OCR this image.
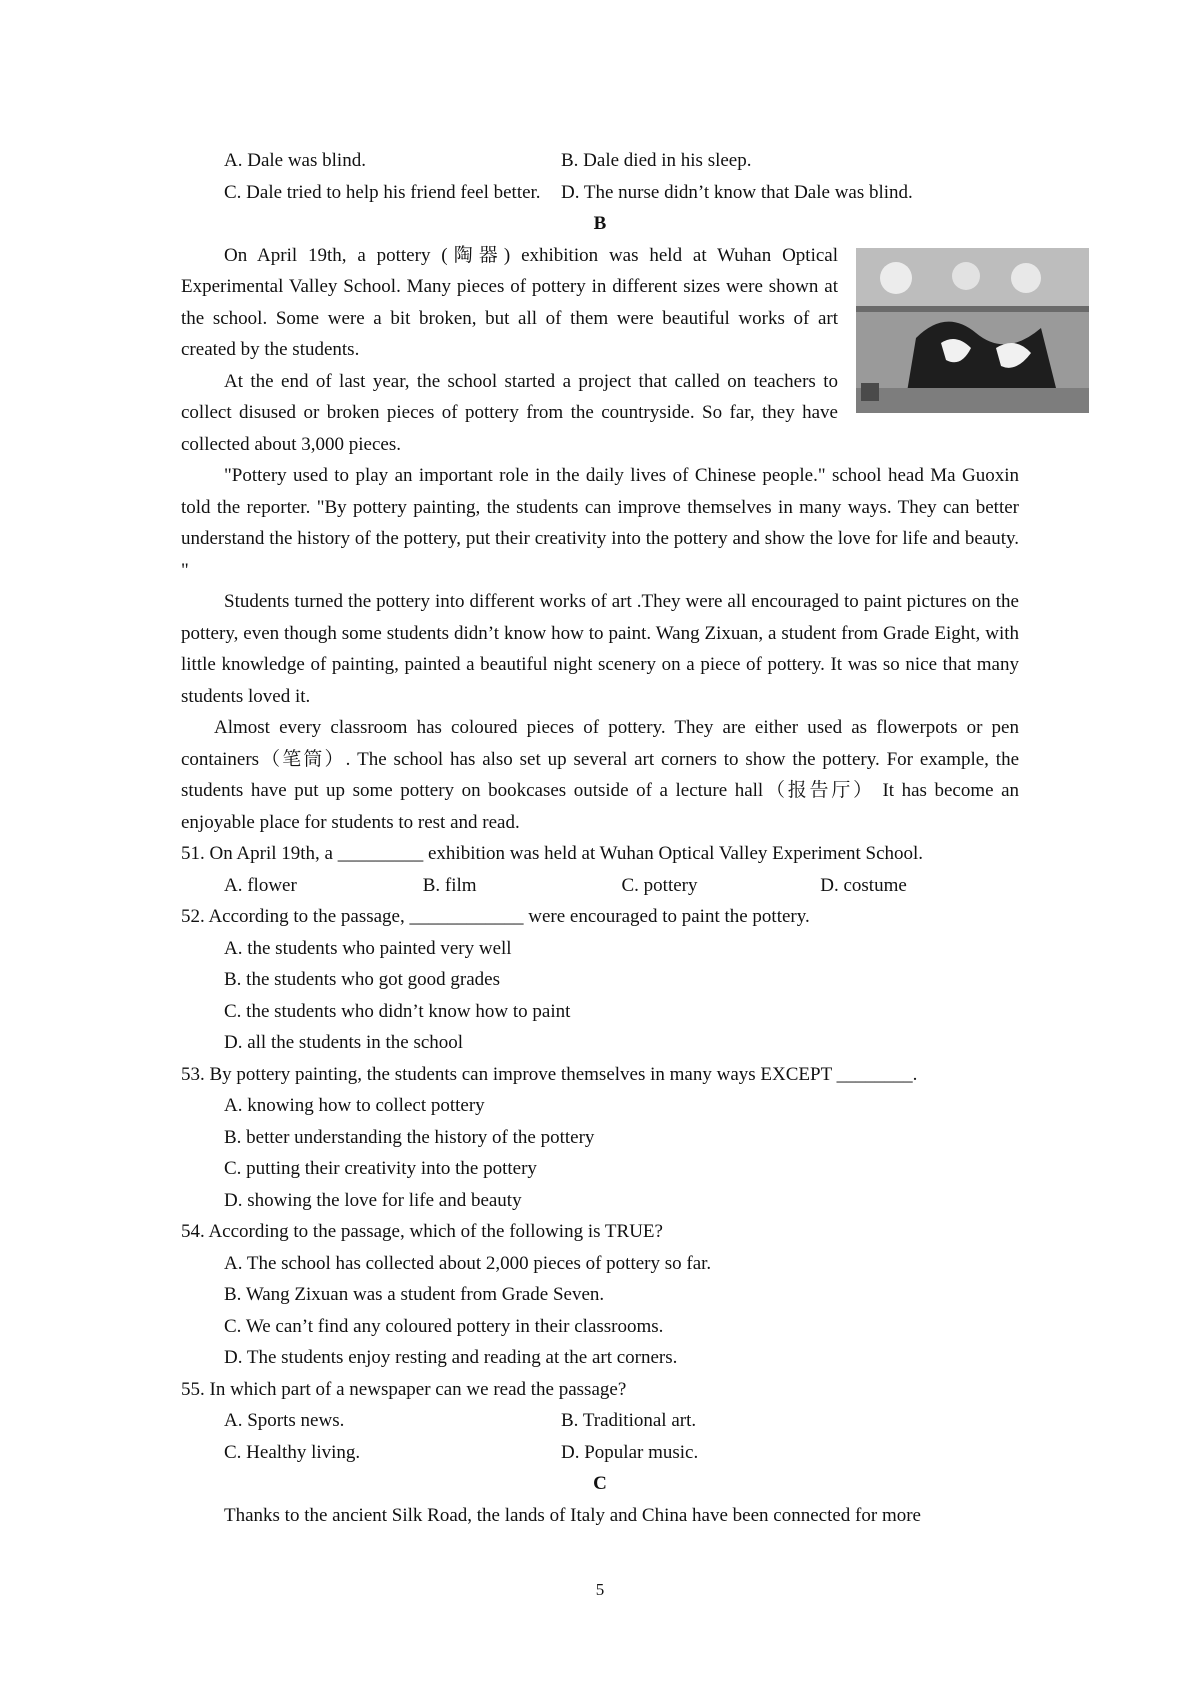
A. Dale was blind.	B. Dale died in his sleep.
C. Dale tried to help his friend feel better.	D. The nurse didn’t know that Dale was blind.
B

On April 19th, a pottery (陶器) exhibition was held at Wuhan Optical Experimental Valley School. Many pieces of pottery in different sizes were shown at the school. Some were a bit broken, but all of them were beautiful works of art created by the students.

At the end of last year, the school started a project that called on teachers to collect disused or broken pieces of pottery from the countryside. So far, they have collected about 3,000 pieces.

"Pottery used to play an important role in the daily lives of Chinese people." school head Ma Guoxin told the reporter. "By pottery painting, the students can improve themselves in many ways. They can better understand the history of the pottery, put their creativity into the pottery and show the love for life and beauty. "

Students turned the pottery into different works of art .They were all encouraged to paint pictures on the pottery, even though some students didn’t know how to paint. Wang Zixuan, a student from Grade Eight, with little knowledge of painting, painted a beautiful night scenery on a piece of pottery. It was so nice that many students loved it.

Almost every classroom has coloured pieces of pottery. They are either used as flowerpots or pen containers（笔筒）. The school has also set up several art corners to show the pottery. For example, the students have put up some pottery on bookcases outside of a lecture hall（报告厅） It has become an enjoyable place for students to rest and read.

51. On April 19th, a _________ exhibition was held at Wuhan Optical Valley Experiment School.
A. flower	B. film	C. pottery	D. costume
52. According to the passage, ____________ were encouraged to paint the pottery.
A. the students who painted very well
B. the students who got good grades
C. the students who didn’t know how to paint
D. all the students in the school
53. By pottery painting, the students can improve themselves in many ways EXCEPT ________.
A. knowing how to collect pottery
B. better understanding the history of the pottery
C. putting their creativity into the pottery
D. showing the love for life and beauty
54. According to the passage, which of the following is TRUE?
A. The school has collected about 2,000 pieces of pottery so far.
B. Wang Zixuan was a student from Grade Seven.
C. We can’t find any coloured pottery in their classrooms.
D. The students enjoy resting and reading at the art corners.
55. In which part of a newspaper can we read the passage?
A. Sports news.	B. Traditional art.
C. Healthy living.	D. Popular music.
C

Thanks to the ancient Silk Road, the lands of Italy and China have been connected for more

5
